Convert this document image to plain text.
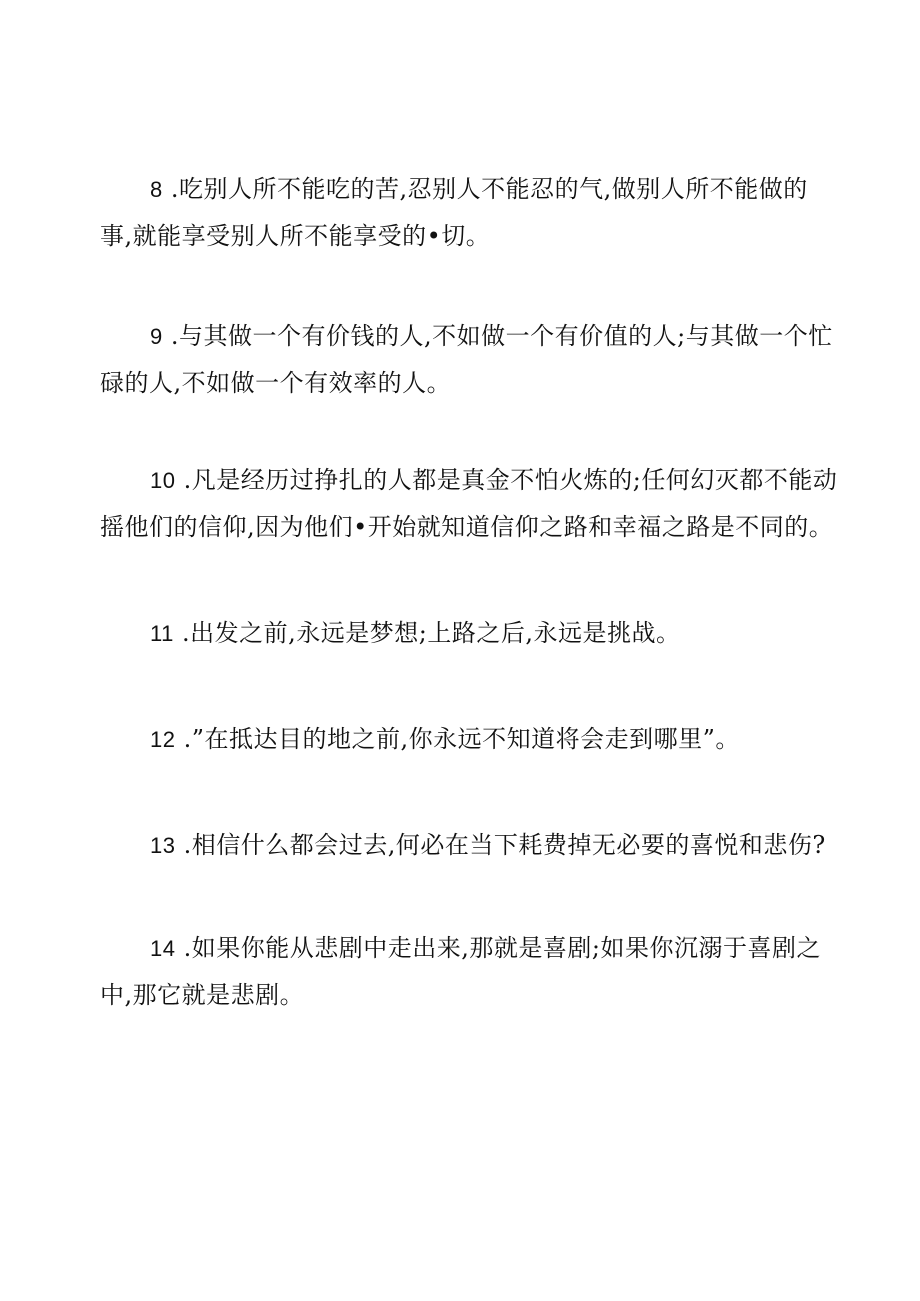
8 .吃别人所不能吃的苦,忍别人不能忍的气,做别人所不能做的
事,就能享受别人所不能享受的•切。

9 .与其做一个有价钱的人,不如做一个有价值的人;与其做一个忙
碌的人,不如做一个有效率的人。

10 .凡是经历过挣扎的人都是真金不怕火炼的;任何幻灭都不能动
摇他们的信仰,因为他们•开始就知道信仰之路和幸福之路是不同的。

11 .出发之前,永远是梦想;上路之后,永远是挑战。

12 .”在抵达目的地之前,你永远不知道将会走到哪里”。

13 .相信什么都会过去,何必在当下耗费掉无必要的喜悦和悲伤?

14 .如果你能从悲剧中走出来,那就是喜剧;如果你沉溺于喜剧之
中,那它就是悲剧。
